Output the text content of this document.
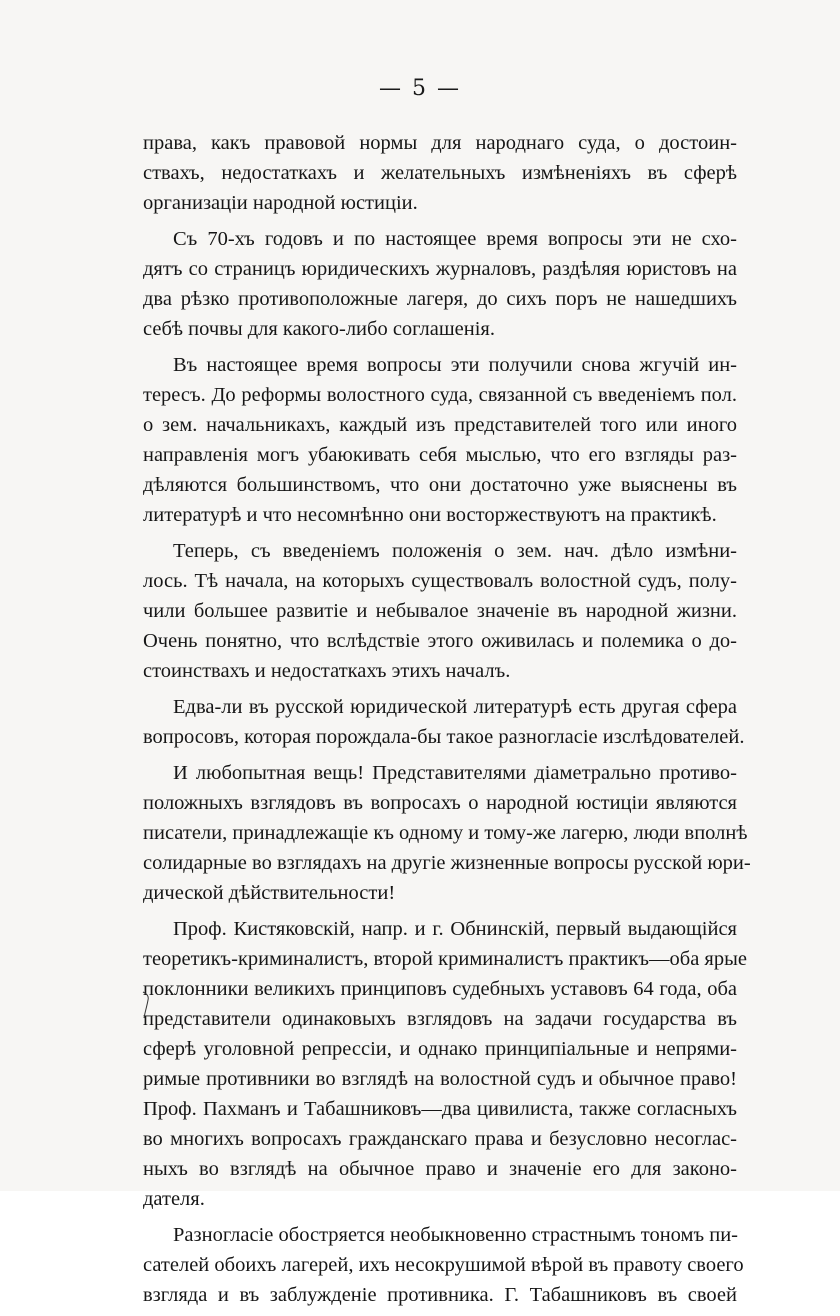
— 5 —
права, какъ правовой нормы для народнаго суда, о достоин-
ствахъ, недостаткахъ и желательныхъ измѣненіяхъ въ сферѣ
организаціи народной юстиціи.
Съ 70-хъ годовъ и по настоящее время вопросы эти не схо-
дятъ со страницъ юридическихъ журналовъ, раздѣляя юристовъ на
два рѣзко противоположные лагеря, до сихъ поръ не нашедшихъ
себѣ почвы для какого-либо соглашенія.
Въ настоящее время вопросы эти получили снова жгучій ин-
тересъ. До реформы волостного суда, связанной съ введеніемъ пол.
о зем. начальникахъ, каждый изъ представителей того или иного
направленія могъ убаюкивать себя мыслью, что его взгляды раз-
дѣляются большинствомъ, что они достаточно уже выяснены въ
литературѣ и что несомнѣнно они восторжествуютъ на практикѣ.
Теперь, съ введеніемъ положенія о зем. нач. дѣло измѣни-
лось. Тѣ начала, на которыхъ существовалъ волостной судъ, полу-
чили большее развитіе и небывалое значеніе въ народной жизни.
Очень понятно, что вслѣдствіе этого оживилась и полемика о до-
стоинствахъ и недостаткахъ этихъ началъ.
Едва-ли въ русской юридической литературѣ есть другая сфера
вопросовъ, которая порождала-бы такое разногласіе изслѣдователей.
И любопытная вещь! Представителями діаметрально противо-
положныхъ взглядовъ въ вопросахъ о народной юстиціи являются
писатели, принадлежащіе къ одному и тому-же лагерю, люди вполнѣ
солидарные во взглядахъ на другіе жизненные вопросы русской юри-
дической дѣйствительности!
Проф. Кистяковскій, напр. и г. Обнинскій, первый выдающійся
теоретикъ-криминалистъ, второй криминалистъ практикъ—оба ярые
поклонники великихъ принциповъ судебныхъ уставовъ 64 года, оба
представители одинаковыхъ взглядовъ на задачи государства въ
сферѣ уголовной репрессіи, и однако принципіальные и непрями-
римые противники во взглядѣ на волостной судъ и обычное право!
Проф. Пахманъ и Табашниковъ—два цивилиста, также согласныхъ
во многихъ вопросахъ гражданскаго права и безусловно несоглас-
ныхъ во взглядѣ на обычное право и значеніе его для законо-
дателя.
Разногласіе обостряется необыкновенно страстнымъ тономъ пи-
сателей обоихъ лагерей, ихъ несокрушимой вѣрой въ правоту своего
взгляда и въ заблужденіе противника. Г. Табашниковъ въ своей
